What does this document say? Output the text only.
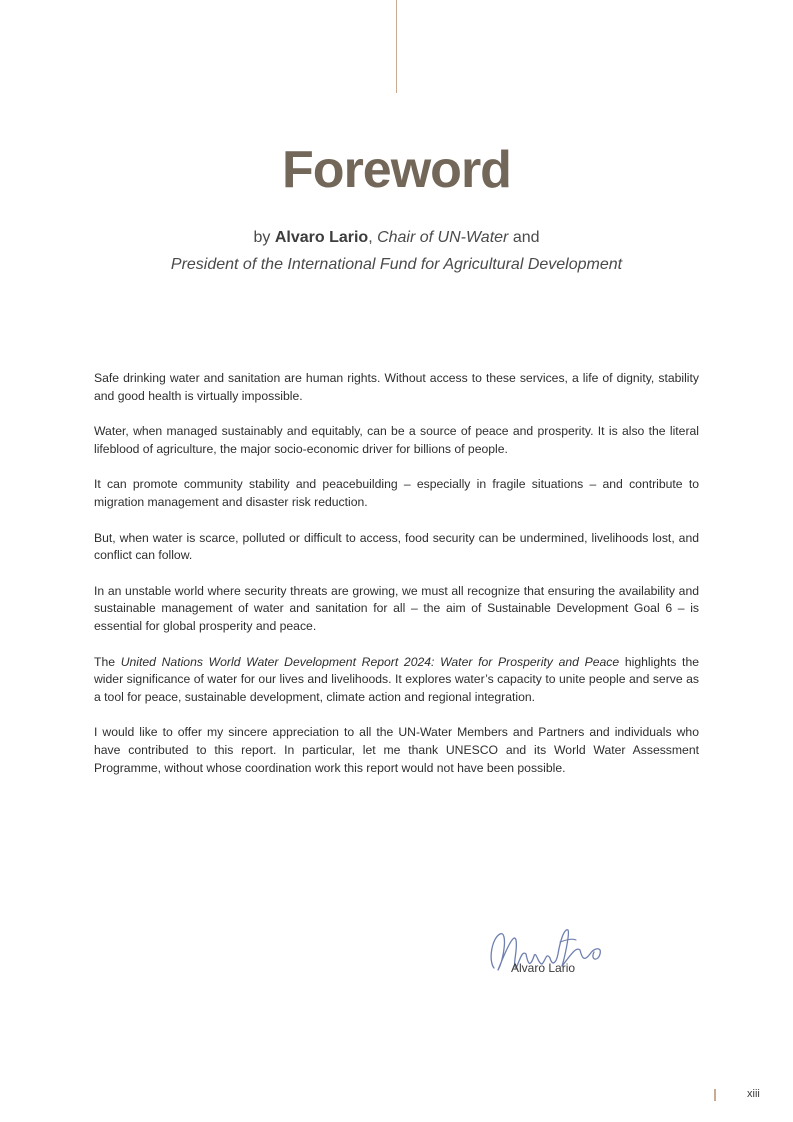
Foreword
by Alvaro Lario, Chair of UN-Water and
President of the International Fund for Agricultural Development

Safe drinking water and sanitation are human rights. Without access to these services, a life of dignity, stability and good health is virtually impossible.

Water, when managed sustainably and equitably, can be a source of peace and prosperity. It is also the literal lifeblood of agriculture, the major socio-economic driver for billions of people.

It can promote community stability and peacebuilding – especially in fragile situations – and contribute to migration management and disaster risk reduction.

But, when water is scarce, polluted or difficult to access, food security can be undermined, livelihoods lost, and conflict can follow.

In an unstable world where security threats are growing, we must all recognize that ensuring the availability and sustainable management of water and sanitation for all – the aim of Sustainable Development Goal 6 – is essential for global prosperity and peace.

The United Nations World Water Development Report 2024: Water for Prosperity and Peace highlights the wider significance of water for our lives and livelihoods. It explores water’s capacity to unite people and serve as a tool for peace, sustainable development, climate action and regional integration.

I would like to offer my sincere appreciation to all the UN-Water Members and Partners and individuals who have contributed to this report. In particular, let me thank UNESCO and its World Water Assessment Programme, without whose coordination work this report would not have been possible.

Alvaro Lario
xiii
